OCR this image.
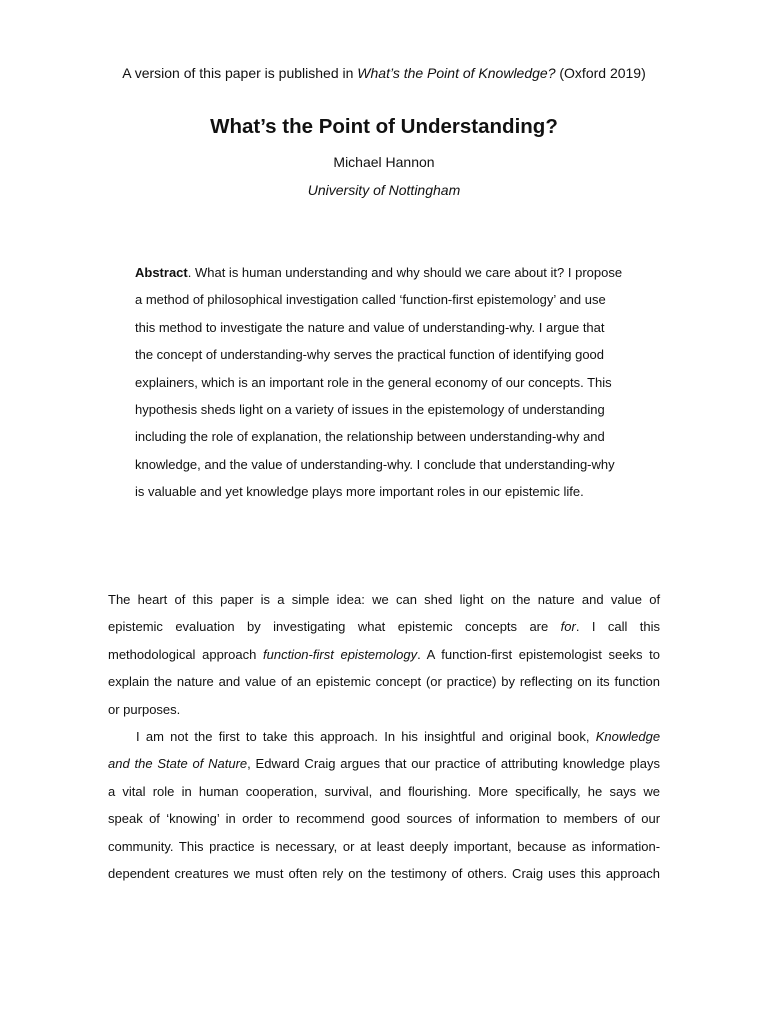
A version of this paper is published in What’s the Point of Knowledge? (Oxford 2019)
What’s the Point of Understanding?
Michael Hannon
University of Nottingham
Abstract. What is human understanding and why should we care about it? I propose
a method of philosophical investigation called ‘function-first epistemology’ and use
this method to investigate the nature and value of understanding-why. I argue that
the concept of understanding-why serves the practical function of identifying good
explainers, which is an important role in the general economy of our concepts. This
hypothesis sheds light on a variety of issues in the epistemology of understanding
including the role of explanation, the relationship between understanding-why and
knowledge, and the value of understanding-why. I conclude that understanding-why
is valuable and yet knowledge plays more important roles in our epistemic life.
The heart of this paper is a simple idea: we can shed light on the nature and value of
epistemic evaluation by investigating what epistemic concepts are for. I call this
methodological approach function-first epistemology. A function-first epistemologist seeks to
explain the nature and value of an epistemic concept (or practice) by reflecting on its function
or purposes.
I am not the first to take this approach. In his insightful and original book, Knowledge
and the State of Nature, Edward Craig argues that our practice of attributing knowledge plays
a vital role in human cooperation, survival, and flourishing. More specifically, he says we
speak of ‘knowing’ in order to recommend good sources of information to members of our
community. This practice is necessary, or at least deeply important, because as information-
dependent creatures we must often rely on the testimony of others. Craig uses this approach
